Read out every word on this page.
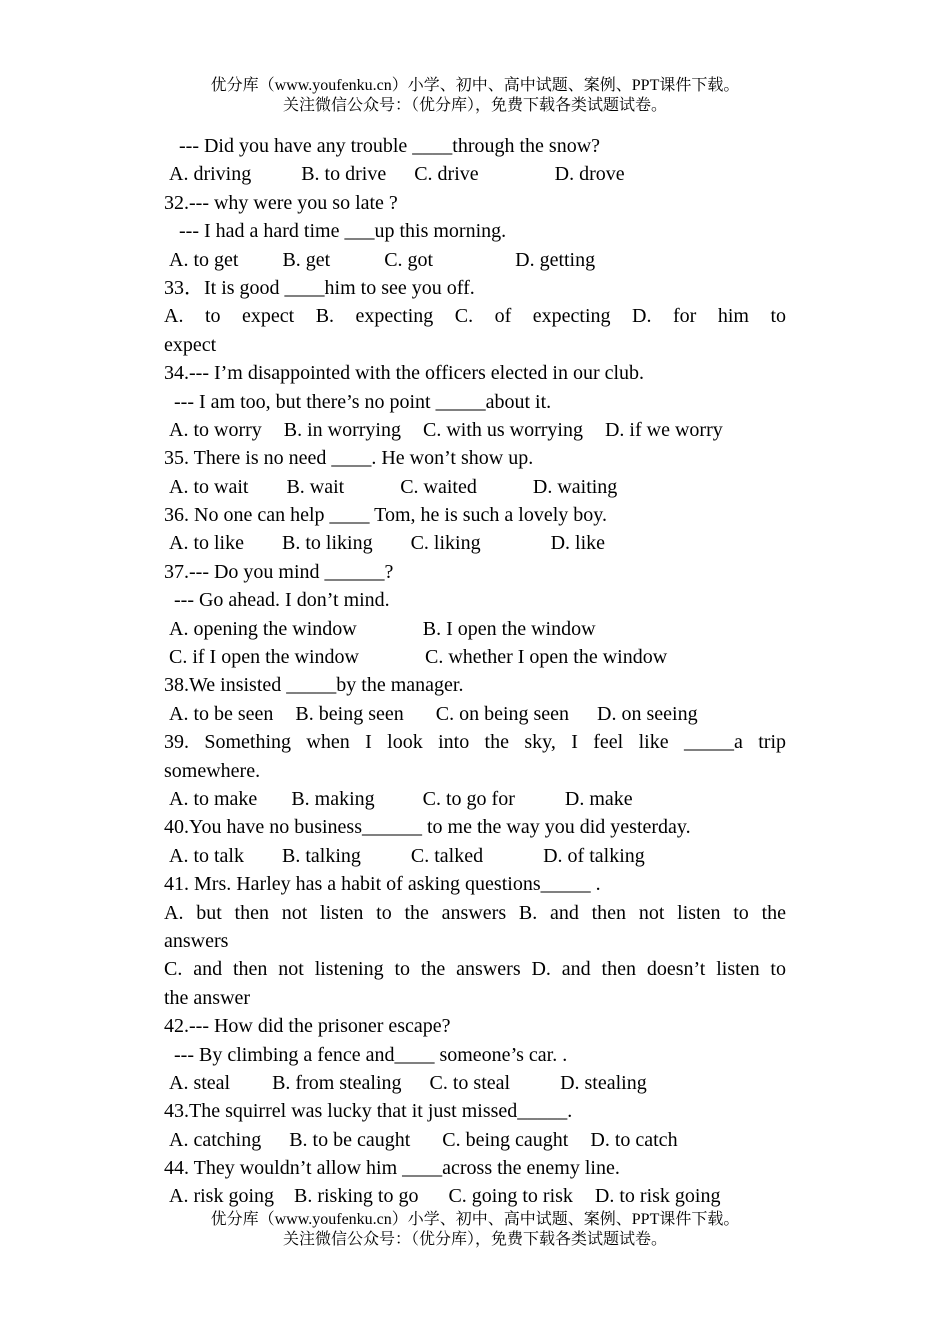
优分库（www.youfenku.cn）小学、初中、高中试题、案例、PPT课件下载。
关注微信公众号：（优分库），免费下载各类试题试卷。
--- Did you have any trouble ____through the snow?
A. driving	B. to drive C. drive	D. drove
32.--- why were you so late ?
--- I had a hard time ___up this morning.
A. to get B. get	C. got	D. getting
33．It is good ____him to see you off.
A. to expect B. expecting C. of expecting D. for him to
expect
34.--- I’m disappointed with the officers elected in our club.
--- I am too, but there’s no point _____about it.
A. to worry B. in worrying C. with us worrying D. if we worry
35. There is no need ____. He won’t show up.
A. to wait B. wait	C. waited	D. waiting
36. No one can help ____ Tom, he is such a lovely boy.
A. to like B. to liking C. liking	D. like
37.--- Do you mind ______?
--- Go ahead. I don’t mind.
A. opening the window	B. I open the window
C. if I open the window	C. whether I open the window
38.We insisted _____by the manager.
A. to be seen B. being seen C. on being seen D. on seeing
39. Something when I look into the sky, I feel like _____a trip
somewhere.
A. to make B. making C. to go for	D. make
40.You have no business______ to me the way you did yesterday.
A. to talk B. talking	C. talked	D. of talking
41. Mrs. Harley has a habit of asking questions_____ .
A. but then not listen to the answers B. and then not listen to the
answers
C. and then not listening to the answers D. and then doesn’t listen to
the answer
42.--- How did the prisoner escape?
--- By climbing a fence and____ someone’s car. .
A. steal B. from stealing C. to steal	D. stealing
43.The squirrel was lucky that it just missed_____.
A. catching B. to be caught C. being caught D. to catch
44. They wouldn’t allow him ____across the enemy line.
A. risk going B. risking to go C. going to risk D. to risk going
优分库（www.youfenku.cn）小学、初中、高中试题、案例、PPT课件下载。
关注微信公众号：（优分库），免费下载各类试题试卷。
